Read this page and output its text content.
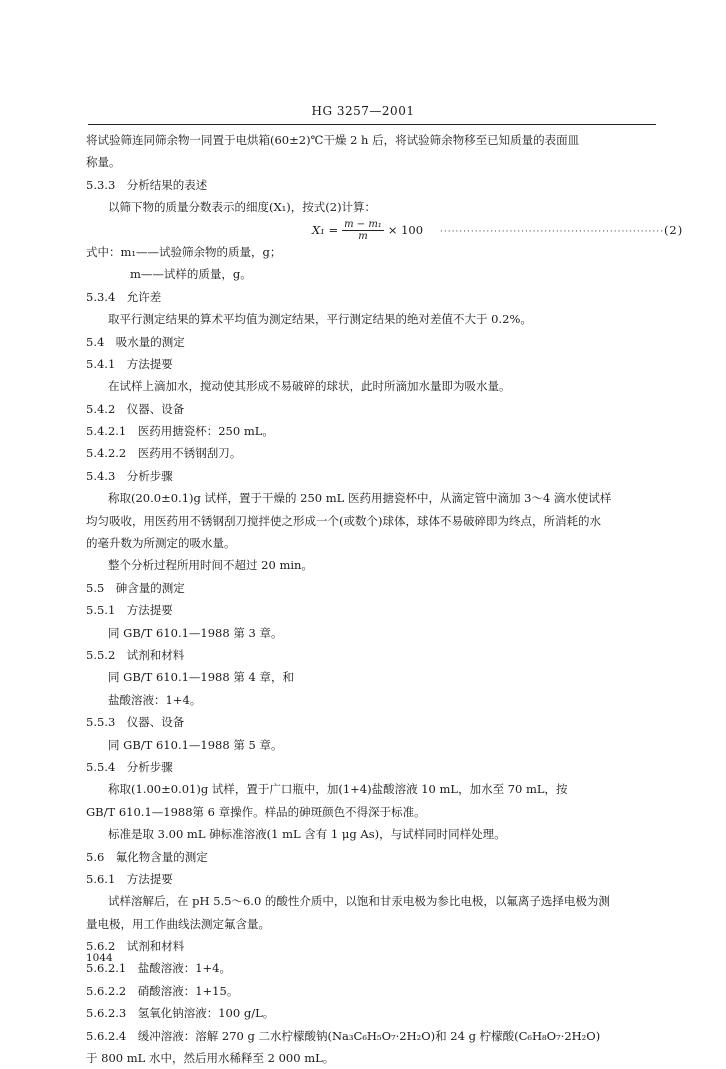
HG 3257—2001
将试验筛连同筛余物一同置于电烘箱(60±2)℃干燥 2 h 后，将试验筛余物移至已知质量的表面皿
称量。
5.3.3　分析结果的表述
以筛下物的质量分数表示的细度(X₁)，按式(2)计算：
$X_1 = \frac{\text{m − m₁}}{m} \times 100 \cdot\cdot\cdot\cdot\cdot\cdot\cdot\cdot\cdot\cdot\cdot\cdot\cdot\cdot\cdot\cdot\cdot\cdot\cdot\cdot\cdot\cdot\cdot\cdot\cdot\cdot\cdot\cdot\cdot\cdot\cdot\cdot\cdot\cdot\cdot\cdot\cdot\cdot\cdot\cdot\cdot\cdot\cdot\cdot\cdot\cdot\cdot\cdot\cdot\cdot\cdot\cdot\cdot\cdot\cdot\cdot\cdot\cdot(2)$
式中：m₁——试验筛余物的质量，g；
m——试样的质量，g。
5.3.4　允许差
取平行测定结果的算术平均值为测定结果，平行测定结果的绝对差值不大于 0.2%。
5.4　吸水量的测定
5.4.1　方法提要
在试样上滴加水，搅动使其形成不易破碎的球状，此时所滴加水量即为吸水量。
5.4.2　仪器、设备
5.4.2.1　医药用搪瓷杯：250 mL。
5.4.2.2　医药用不锈钢刮刀。
5.4.3　分析步骤
称取(20.0±0.1)g 试样，置于干燥的 250 mL 医药用搪瓷杯中，从滴定管中滴加 3～4 滴水使试样
均匀吸收，用医药用不锈钢刮刀搅拌使之形成一个(或数个)球体，球体不易破碎即为终点，所消耗的水
的毫升数为所测定的吸水量。
整个分析过程所用时间不超过 20 min。
5.5　砷含量的测定
5.5.1　方法提要
同 GB/T 610.1—1988 第 3 章。
5.5.2　试剂和材料
同 GB/T 610.1—1988 第 4 章，和
盐酸溶液：1+4。
5.5.3　仪器、设备
同 GB/T 610.1—1988 第 5 章。
5.5.4　分析步骤
称取(1.00±0.01)g 试样，置于广口瓶中，加(1+4)盐酸溶液 10 mL，加水至 70 mL，按
GB/T 610.1—1988第 6 章操作。样品的砷斑颜色不得深于标准。
标准是取 3.00 mL 砷标准溶液(1 mL 含有 1 μg As)，与试样同时同样处理。
5.6　氟化物含量的测定
5.6.1　方法提要
试样溶解后，在 pH 5.5～6.0 的酸性介质中，以饱和甘汞电极为参比电极，以氟离子选择电极为测
量电极，用工作曲线法测定氟含量。
5.6.2　试剂和材料
5.6.2.1　盐酸溶液：1+4。
5.6.2.2　硝酸溶液：1+15。
5.6.2.3　氢氧化钠溶液：100 g/L。
5.6.2.4　缓冲溶液：溶解 270 g 二水柠檬酸钠(Na₃C₆H₅O₇·2H₂O)和 24 g 柠檬酸(C₆H₈O₇·2H₂O)
于 800 mL 水中，然后用水稀释至 2 000 mL。
1044
